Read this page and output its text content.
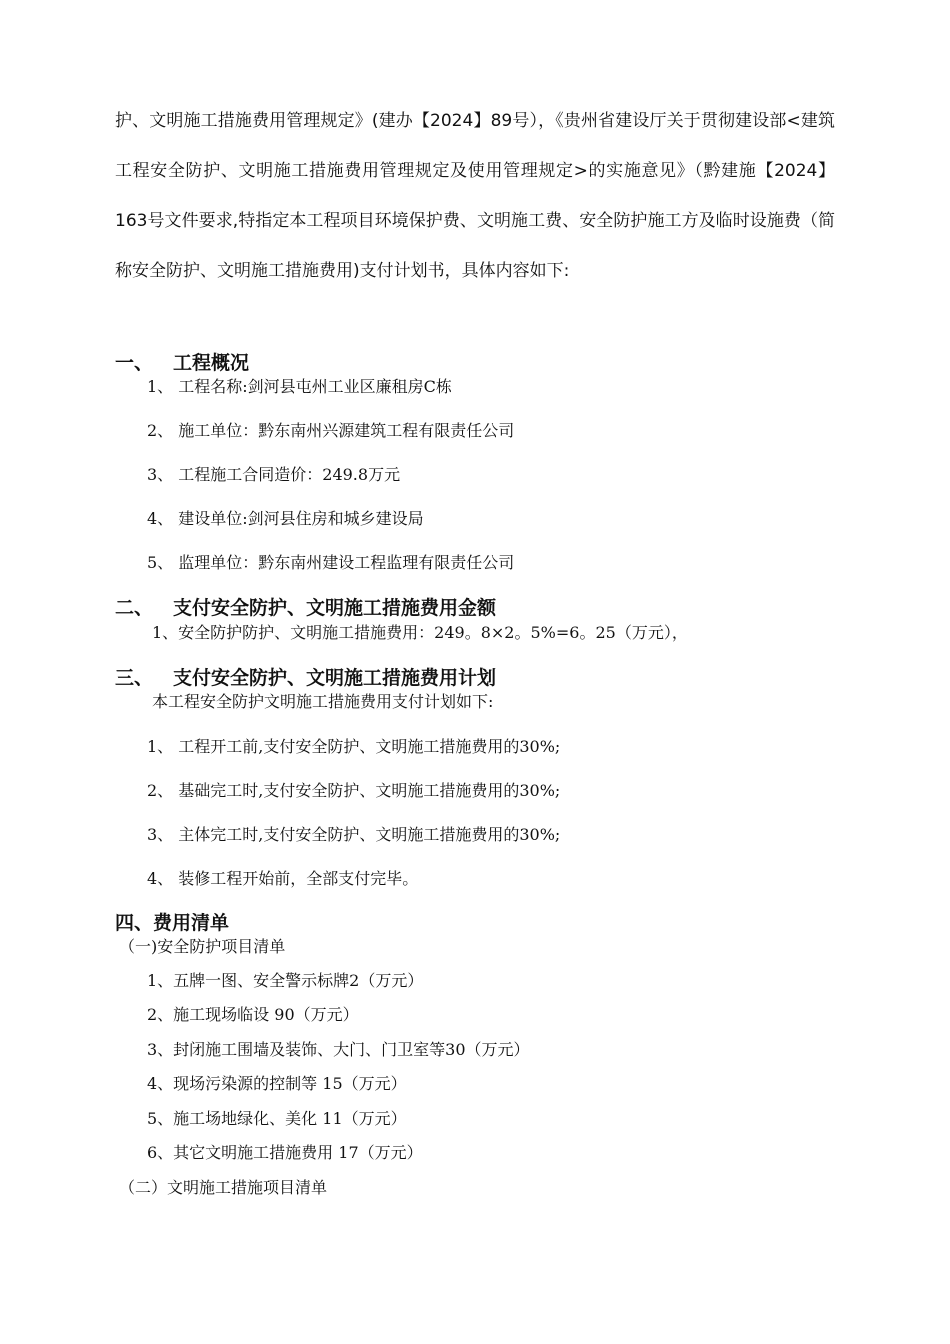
护、文明施工措施费用管理规定》(建办【2024】89号），《贵州省建设厅关于贯彻建设部<建筑工程安全防护、文明施工措施费用管理规定及使用管理规定>的实施意见》（黔建施【2024】163号文件要求,特指定本工程项目环境保护费、文明施工费、安全防护施工方及临时设施费（简称安全防护、文明施工措施费用)支付计划书，具体内容如下:

一、 工程概况

1、 工程名称:剑河县屯州工业区廉租房C栋

2、 施工单位：黔东南州兴源建筑工程有限责任公司

3、 工程施工合同造价：249.8万元

4、 建设单位:剑河县住房和城乡建设局

5、 监理单位：黔东南州建设工程监理有限责任公司

二、 支付安全防护、文明施工措施费用金额

1、安全防护防护、文明施工措施费用：249。8×2。5%=6。25（万元），

三、 支付安全防护、文明施工措施费用计划

本工程安全防护文明施工措施费用支付计划如下:

1、 工程开工前,支付安全防护、文明施工措施费用的30%;

2、 基础完工时,支付安全防护、文明施工措施费用的30%;

3、 主体完工时,支付安全防护、文明施工措施费用的30%;

4、 装修工程开始前，全部支付完毕。

四、费用清单

（一)安全防护项目清单

1、五牌一图、安全警示标牌2（万元）

2、施工现场临设 90（万元）

3、封闭施工围墙及装饰、大门、门卫室等30（万元）

4、现场污染源的控制等 15（万元）

5、施工场地绿化、美化 11（万元）

6、其它文明施工措施费用 17（万元）

（二）文明施工措施项目清单
